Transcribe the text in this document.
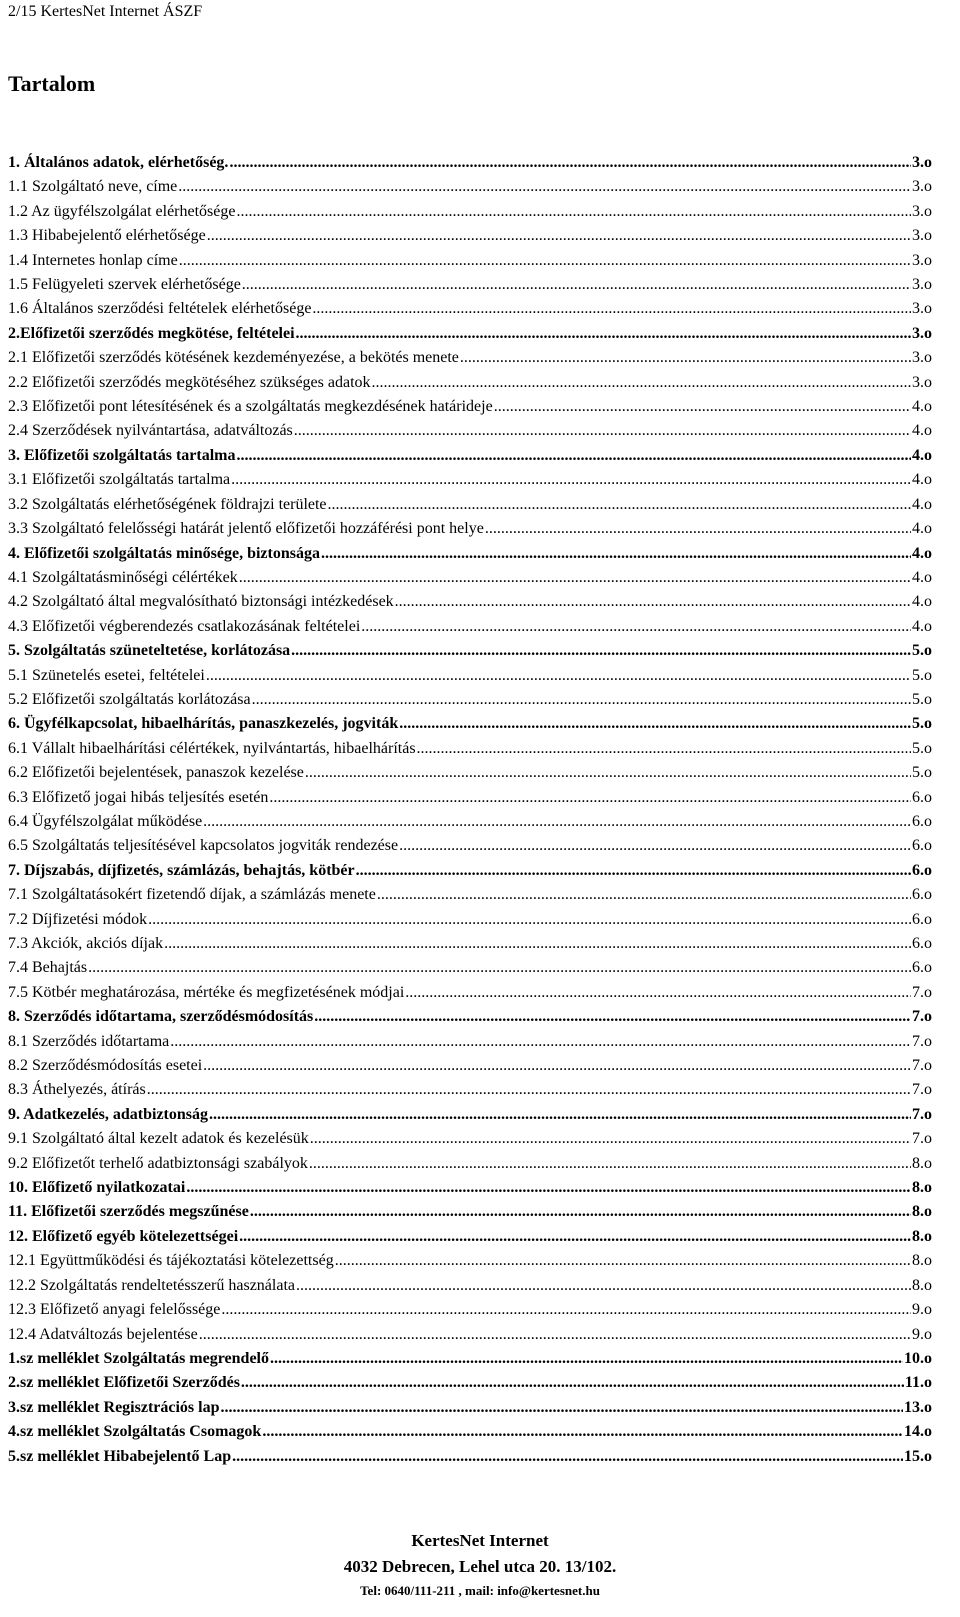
2/15 KertesNet Internet ÁSZF
Tartalom
1. Általános adatok, elérhetőség. .....	3.o
1.1 Szolgáltató neve, címe .....	3.o
1.2 Az ügyfélszolgálat elérhetősége .....	3.o
1.3 Hibabejelentő elérhetősége .....	3.o
1.4 Internetes honlap címe .....	3.o
1.5 Felügyeleti szervek elérhetősége .....	3.o
1.6 Általános szerződési feltételek elérhetősége .....	3.o
2.Előfizetői szerződés megkötése, feltételei .....	3.o
2.1 Előfizetői szerződés kötésének kezdeményezése, a bekötés menete .....	3.o
2.2 Előfizetői szerződés megkötéséhez szükséges adatok .....	3.o
2.3 Előfizetői pont létesítésének és a szolgáltatás megkezdésének határideje .....	4.o
2.4 Szerződések nyilvántartása, adatváltozás .....	4.o
3. Előfizetői szolgáltatás tartalma .....	4.o
3.1 Előfizetői szolgáltatás tartalma .....	4.o
3.2 Szolgáltatás elérhetőségének földrajzi területe .....	4.o
3.3 Szolgáltató felelősségi határát jelentő előfizetői hozzáférési pont helye .....	4.o
4. Előfizetői szolgáltatás minősége, biztonsága .....	4.o
4.1 Szolgáltatásminőségi célértékek .....	4.o
4.2 Szolgáltató által megvalósítható biztonsági intézkedések .....	4.o
4.3 Előfizetői végberendezés csatlakozásának feltételei .....	4.o
5. Szolgáltatás szüneteltetése, korlátozása .....	5.o
5.1 Szünetelés esetei, feltételei .....	5.o
5.2 Előfizetői szolgáltatás korlátozása .....	5.o
6. Ügyfélkapcsolat, hibaelhárítás, panaszkezelés, jogviták .....	5.o
6.1 Vállalt hibaelhárítási célértékek, nyilvántartás, hibaelhárítás .....	5.o
6.2 Előfizetői bejelentések, panaszok kezelése .....	5.o
6.3 Előfizető jogai hibás teljesítés esetén .....	6.o
6.4 Ügyfélszolgálat működése .....	6.o
6.5 Szolgáltatás teljesítésével kapcsolatos jogviták rendezése .....	6.o
7. Díjszabás, díjfizetés, számlázás, behajtás, kötbér .....	6.o
7.1 Szolgáltatásokért fizetendő díjak, a számlázás menete .....	6.o
7.2 Díjfizetési módok .....	6.o
7.3 Akciók, akciós díjak .....	6.o
7.4 Behajtás .....	6.o
7.5 Kötbér meghatározása, mértéke és megfizetésének módjai .....	7.o
8. Szerződés időtartama, szerződésmódosítás .....	7.o
8.1 Szerződés időtartama .....	7.o
8.2 Szerződésmódosítás esetei .....	7.o
8.3 Áthelyezés, átírás .....	7.o
9. Adatkezelés, adatbiztonság .....	7.o
9.1 Szolgáltató által kezelt adatok és kezelésük .....	7.o
9.2 Előfizetőt terhelő adatbiztonsági szabályok .....	8.o
10. Előfizető nyilatkozatai .....	8.o
11. Előfizetői szerződés megszűnése .....	8.o
12. Előfizető egyéb kötelezettségei .....	8.o
12.1 Együttműködési és tájékoztatási kötelezettség .....	8.o
12.2 Szolgáltatás rendeltetésszerű használata .....	8.o
12.3 Előfizető anyagi felelőssége .....	9.o
12.4 Adatváltozás bejelentése .....	9.o
1.sz melléklet Szolgáltatás megrendelő .....	10.o
2.sz melléklet Előfizetői Szerződés .....	11.o
3.sz melléklet Regisztrációs lap .....	13.o
4.sz melléklet Szolgáltatás Csomagok .....	14.o
5.sz melléklet Hibabejelentő Lap .....	15.o
KertesNet Internet
4032 Debrecen, Lehel utca 20. 13/102.
Tel: 0640/111-211 , mail: info@kertesnet.hu
